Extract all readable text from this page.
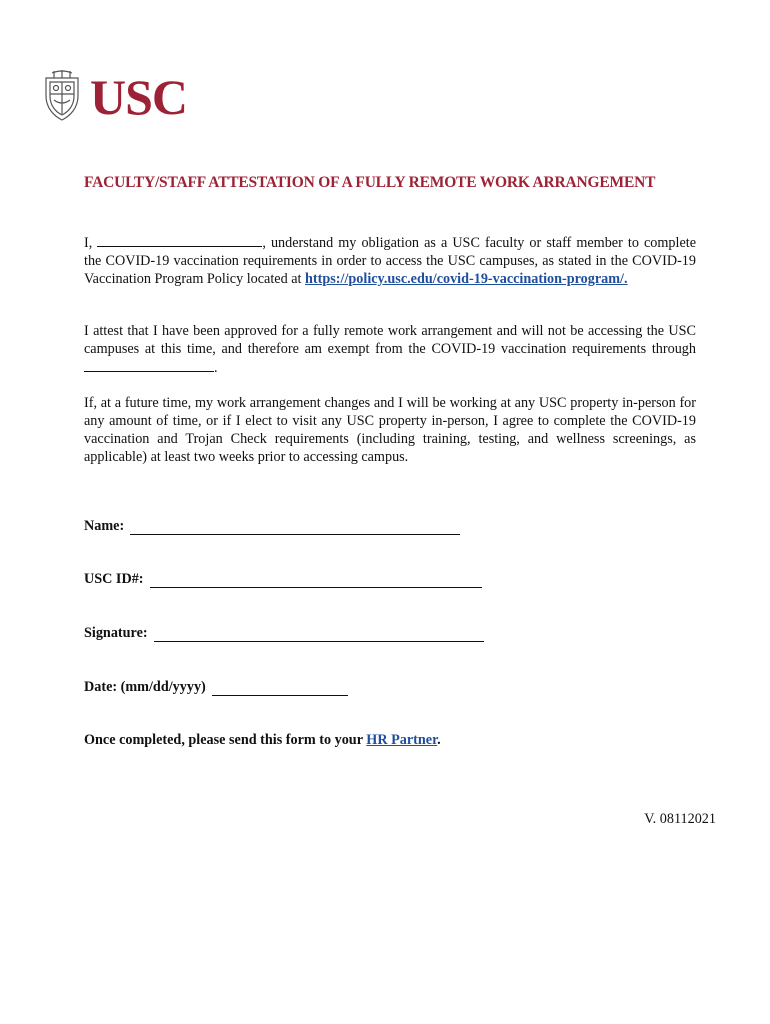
USC
FACULTY/STAFF ATTESTATION OF A FULLY REMOTE WORK ARRANGEMENT

I,	, understand my obligation as a USC faculty or staff member to complete the COVID-19 vaccination requirements in order to access the USC campuses, as stated in the COVID-19 Vaccination Program Policy located at https://policy.usc.edu/covid-19-vaccination-program/.

I attest that I have been approved for a fully remote work arrangement and will not be accessing the USC campuses at this time, and therefore am exempt from the COVID-19 vaccination requirements through .

If, at a future time, my work arrangement changes and I will be working at any USC property in-person for any amount of time, or if I elect to visit any USC property in-person, I agree to complete the COVID-19 vaccination and Trojan Check requirements (including training, testing, and wellness screenings, as applicable) at least two weeks prior to accessing campus.

Name:
USC ID#:
Signature:
Date: (mm/dd/yyyy)
Once completed, please send this form to your HR Partner.
V. 08112021
